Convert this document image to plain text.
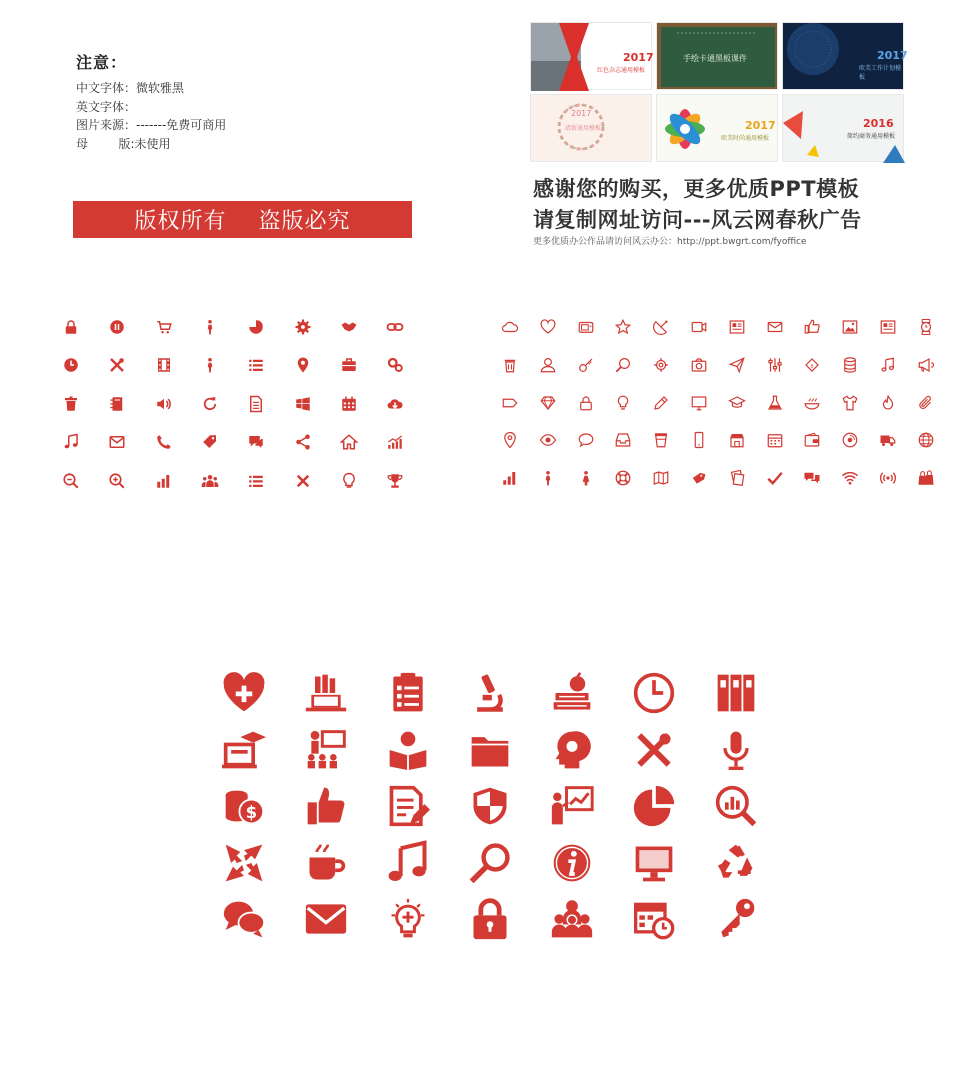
注意：
中文字体：微软雅黑
英文字体：
图片来源：-------免费可商用
母        版:未使用
版权所有 盗版必究
2017
红色杂志通用模板
手绘卡通黑板课件	2017
欧美工作计划模板
2017
清新通用模板	2017
欧美时尚通用模板
2016
简约商务通用模板
感谢您的购买，更多优质PPT模板
请复制网址访问---风云网春秋广告
更多优质办公作品请访问风云办公：http://ppt.bwgrt.com/fyoffice
$
$
